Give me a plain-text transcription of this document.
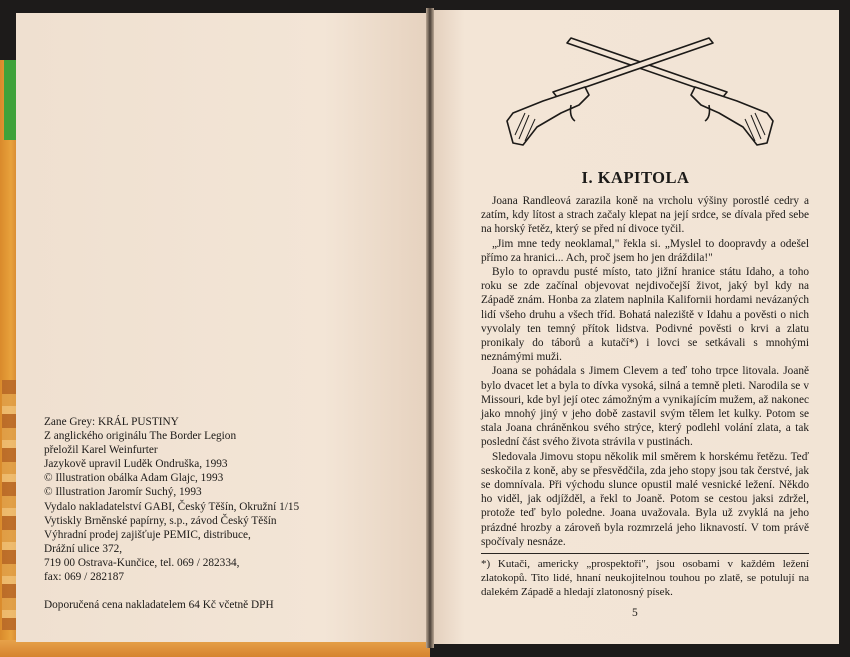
Zane Grey: KRÁL PUSTINY
Z anglického originálu The Border Legion
přeložil Karel Weinfurter
Jazykově upravil Luděk Ondruška, 1993
© Illustration obálka Adam Glajc, 1993
© Illustration Jaromír Suchý, 1993
Vydalo nakladatelství GABI, Český Těšín, Okružní 1/15
Vytiskly Brněnské papírny, s.p., závod Český Těšín
Výhradní prodej zajišťuje PEMIC, distribuce,
Drážní ulice 372,
719 00 Ostrava-Kunčice, tel. 069 / 282334,
fax: 069 / 282187
Doporučená cena nakladatelem 64 Kč včetně DPH
I. KAPITOLA

Joana Randleová zarazila koně na vrcholu výšiny porostlé cedry a zatím, kdy lítost a strach začaly klepat na její srdce, se dívala před sebe na horský řetěz, který se před ní divoce tyčil.

„Jim mne tedy neoklamal," řekla si. „Myslel to doopravdy a odešel přímo za hranici... Ach, proč jsem ho jen dráždila!"

Bylo to opravdu pusté místo, tato jižní hranice státu Idaho, a toho roku se zde začínal objevovat nejdivočejší život, jaký byl kdy na Západě znám. Honba za zlatem naplnila Kalifornii hordami nevázaných lidí všeho druhu a všech tříd. Bohatá naleziště v Idahu a pověsti o nich vyvolaly ten temný přítok lidstva. Podivné pověsti o krvi a zlatu pronikaly do táborů a kutačí*) i lovci se setkávali s mnohými neznámými muži.

Joana se pohádala s Jimem Clevem a teď toho trpce litovala. Joaně bylo dvacet let a byla to dívka vysoká, silná a temně pleti. Narodila se v Missouri, kde byl její otec zámožným a vynikajícím mužem, až nakonec jako mnohý jiný v jeho době zastavil svým tělem let kulky. Potom se stala Joana chráněnkou svého strýce, který podlehl volání zlata, a tak poslední část svého života strávila v pustinách.

Sledovala Jimovu stopu několik mil směrem k horskému řetězu. Teď seskočila z koně, aby se přesvědčila, zda jeho stopy jsou tak čerstvé, jak se domnívala. Při východu slunce opustil malé vesnické ležení. Někdo ho viděl, jak odjížděl, a řekl to Joaně. Potom se cestou jaksi zdržel, protože teď bylo poledne. Joana uvažovala. Byla už zvyklá na jeho prázdné hrozby a zároveň byla rozmrzelá jeho liknavostí. V tom právě spočívaly nesnáze.

*) Kutači, americky „prospektoři", jsou osobami v každém ležení zlatokopů. Tito lidé, hnaní neukojitelnou touhou po zlatě, se potulují na dalekém Západě a hledají zlatonosný písek.

5
